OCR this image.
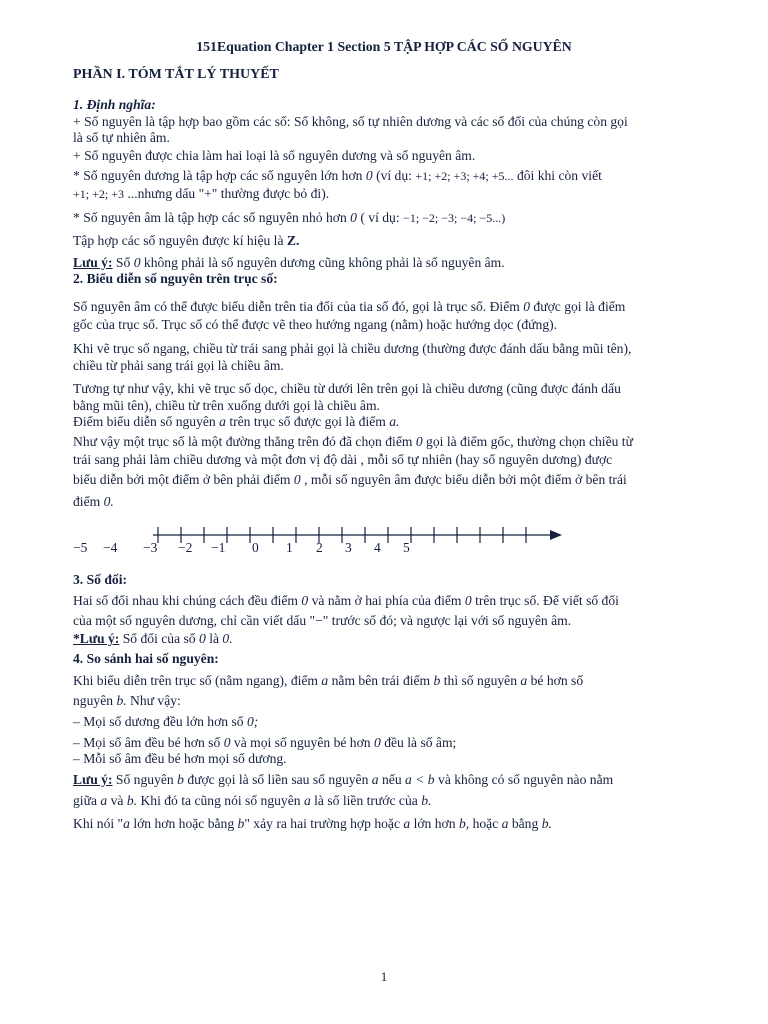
151Equation Chapter 1 Section 5 TẬP HỢP CÁC SỐ NGUYÊN
PHẦN I. TÓM TẮT LÝ THUYẾT
1. Định nghĩa:
+ Số nguyên là tập hợp bao gồm các số: Số không, số tự nhiên dương và các số đối của chúng còn gọi
là số tự nhiên âm.
+ Số nguyên được chia làm hai loại là số nguyên dương và số nguyên âm.
* Số nguyên dương là tập hợp các số nguyên lớn hơn 0 (ví dụ: +1; +2; +3; +4; +5... đôi khi còn viết
+1; +2; +3 ...nhưng dấu "+" thường được bỏ đi).
* Số nguyên âm là tập hợp các số nguyên nhỏ hơn 0 ( ví dụ: −1; −2; −3; −4; −5...)
Tập hợp các số nguyên được kí hiệu là Z.
Lưu ý: Số 0 không phải là số nguyên dương cũng không phải là số nguyên âm.
2. Biểu diễn số nguyên trên trục số:
Số nguyên âm có thể được biểu diễn trên tia đối của tia số đó, gọi là trục số. Điểm 0 được gọi là điểm
gốc của trục số. Trục số có thể được vẽ theo hướng ngang (nằm) hoặc hướng dọc (đứng).
Khi vẽ trục số ngang, chiều từ trái sang phải gọi là chiều dương (thường được đánh dấu bằng mũi tên),
chiều từ phải sang trái gọi là chiều âm.
Tương tự như vậy, khi vẽ trục số dọc, chiều từ dưới lên trên gọi là chiều dương (cũng được đánh dấu
bằng mũi tên), chiều từ trên xuống dưới gọi là chiều âm.
Điểm biểu diễn số nguyên a trên trục số được gọi là điểm a.
Như vậy một trục số là một đường thẳng trên đó đã chọn điểm 0 gọi là điểm gốc, thường chọn chiều từ
trái sang phải làm chiều dương và một đơn vị độ dài , mỗi số tự nhiên (hay số nguyên dương) được
biểu diễn bởi một điểm ở bên phải điểm 0 , mỗi số nguyên âm được biểu diễn bởi một điểm ở bên trái
điểm 0.
−5 −4 −3 −2 −1 0 1 2 3 4 5
3. Số đối:
Hai số đối nhau khi chúng cách đều điểm 0 và nằm ở hai phía của điểm 0 trên trục số. Để viết số đối
của một số nguyên dương, chỉ cần viết dấu "−" trước số đó; và ngược lại với số nguyên âm.
*Lưu ý: Số đối của số 0 là 0.
4. So sánh hai số nguyên:
Khi biểu diễn trên trục số (nằm ngang), điểm a nằm bên trái điểm b thì số nguyên a bé hơn số
nguyên b. Như vậy:
– Mọi số dương đều lớn hơn số 0;
– Mọi số âm đều bé hơn số 0 và mọi số nguyên bé hơn 0 đều là số âm;
– Mỗi số âm đều bé hơn mọi số dương.
Lưu ý: Số nguyên b được gọi là số liền sau số nguyên a nếu a < b và không có số nguyên nào nằm
giữa a và b. Khi đó ta cũng nói số nguyên a là số liền trước của b.
Khi nói "a lớn hơn hoặc bằng b" xảy ra hai trường hợp hoặc a lớn hơn b, hoặc a bằng b.
1
